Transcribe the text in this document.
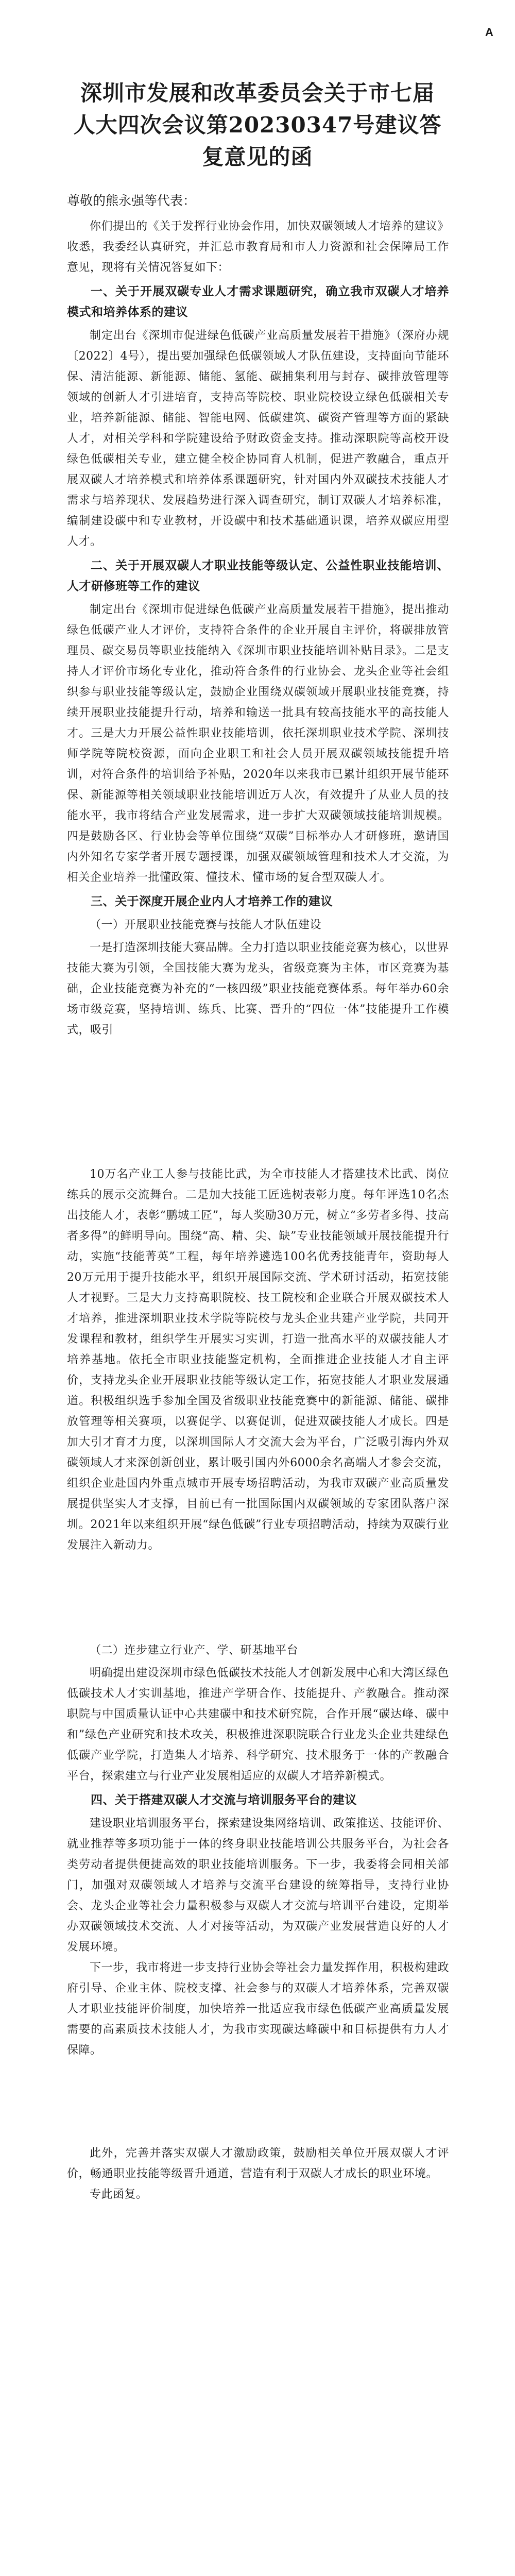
A
深圳市发展和改革委员会关于市七届人大四次会议第20230347号建议答复意见的函
尊敬的熊永强等代表：

你们提出的《关于发挥行业协会作用，加快双碳领域人才培养的建议》收悉，我委经认真研究，并汇总市教育局和市人力资源和社会保障局工作意见，现将有关情况答复如下：

一、关于开展双碳专业人才需求课题研究，确立我市双碳人才培养模式和培养体系的建议

制定出台《深圳市促进绿色低碳产业高质量发展若干措施》（深府办规〔2022〕4号），提出要加强绿色低碳领域人才队伍建设，支持面向节能环保、清洁能源、新能源、储能、氢能、碳捕集利用与封存、碳排放管理等领域的创新人才引进培育，支持高等院校、职业院校设立绿色低碳相关专业，培养新能源、储能、智能电网、低碳建筑、碳资产管理等方面的紧缺人才，对相关学科和学院建设给予财政资金支持。推动深职院等高校开设绿色低碳相关专业，建立健全校企协同育人机制，促进产教融合，重点开展双碳人才培养模式和培养体系课题研究，针对国内外双碳技术技能人才需求与培养现状、发展趋势进行深入调查研究，制订双碳人才培养标准，编制建设碳中和专业教材，开设碳中和技术基础通识课，培养双碳应用型人才。

二、关于开展双碳人才职业技能等级认定、公益性职业技能培训、人才研修班等工作的建议

制定出台《深圳市促进绿色低碳产业高质量发展若干措施》，提出推动绿色低碳产业人才评价，支持符合条件的企业开展自主评价，将碳排放管理员、碳交易员等职业技能纳入《深圳市职业技能培训补贴目录》。二是支持人才评价市场化专业化，推动符合条件的行业协会、龙头企业等社会组织参与职业技能等级认定，鼓励企业围绕双碳领域开展职业技能竞赛，持续开展职业技能提升行动，培养和输送一批具有较高技能水平的高技能人才。三是大力开展公益性职业技能培训，依托深圳职业技术学院、深圳技师学院等院校资源，面向企业职工和社会人员开展双碳领域技能提升培训，对符合条件的培训给予补贴，2020年以来我市已累计组织开展节能环保、新能源等相关领域职业技能培训近万人次，有效提升了从业人员的技能水平，我市将结合产业发展需求，进一步扩大双碳领域技能培训规模。四是鼓励各区、行业协会等单位围绕“双碳”目标举办人才研修班，邀请国内外知名专家学者开展专题授课，加强双碳领域管理和技术人才交流，为相关企业培养一批懂政策、懂技术、懂市场的复合型双碳人才。

三、关于深度开展企业内人才培养工作的建议
（一）开展职业技能竞赛与技能人才队伍建设

一是打造深圳技能大赛品牌。全力打造以职业技能竞赛为核心，以世界技能大赛为引领，全国技能大赛为龙头，省级竞赛为主体，市区竞赛为基础，企业技能竞赛为补充的“一核四级”职业技能竞赛体系。每年举办60余场市级竞赛，坚持培训、练兵、比赛、晋升的“四位一体”技能提升工作模式，吸引

10万名产业工人参与技能比武，为全市技能人才搭建技术比武、岗位练兵的展示交流舞台。二是加大技能工匠选树表彰力度。每年评选10名杰出技能人才，表彰“鹏城工匠”，每人奖励30万元，树立“多劳者多得、技高者多得”的鲜明导向。围绕“高、精、尖、缺”专业技能领域开展技能提升行动，实施“技能菁英”工程，每年培养遴选100名优秀技能青年，资助每人20万元用于提升技能水平，组织开展国际交流、学术研讨活动，拓宽技能人才视野。三是大力支持高职院校、技工院校和企业联合开展双碳技术人才培养，推进深圳职业技术学院等院校与龙头企业共建产业学院，共同开发课程和教材，组织学生开展实习实训，打造一批高水平的双碳技能人才培养基地。依托全市职业技能鉴定机构，全面推进企业技能人才自主评价，支持龙头企业开展职业技能等级认定工作，拓宽技能人才职业发展通道。积极组织选手参加全国及省级职业技能竞赛中的新能源、储能、碳排放管理等相关赛项，以赛促学、以赛促训，促进双碳技能人才成长。四是加大引才育才力度，以深圳国际人才交流大会为平台，广泛吸引海内外双碳领域人才来深创新创业，累计吸引国内外6000余名高端人才参会交流，组织企业赴国内外重点城市开展专场招聘活动，为我市双碳产业高质量发展提供坚实人才支撑，目前已有一批国际国内双碳领域的专家团队落户深圳。2021年以来组织开展“绿色低碳”行业专项招聘活动，持续为双碳行业发展注入新动力。

（二）连步建立行业产、学、研基地平台

明确提出建设深圳市绿色低碳技术技能人才创新发展中心和大湾区绿色低碳技术人才实训基地，推进产学研合作、技能提升、产教融合。推动深职院与中国质量认证中心共建碳中和技术研究院，合作开展“碳达峰、碳中和”绿色产业研究和技术攻关，积极推进深职院联合行业龙头企业共建绿色低碳产业学院，打造集人才培养、科学研究、技术服务于一体的产教融合平台，探索建立与行业产业发展相适应的双碳人才培养新模式。

四、关于搭建双碳人才交流与培训服务平台的建议

建设职业培训服务平台，探索建设集网络培训、政策推送、技能评价、就业推荐等多项功能于一体的终身职业技能培训公共服务平台，为社会各类劳动者提供便捷高效的职业技能培训服务。下一步，我委将会同相关部门，加强对双碳领域人才培养与交流平台建设的统筹指导，支持行业协会、龙头企业等社会力量积极参与双碳人才交流与培训平台建设，定期举办双碳领域技术交流、人才对接等活动，为双碳产业发展营造良好的人才发展环境。

下一步，我市将进一步支持行业协会等社会力量发挥作用，积极构建政府引导、企业主体、院校支撑、社会参与的双碳人才培养体系，完善双碳人才职业技能评价制度，加快培养一批适应我市绿色低碳产业高质量发展需要的高素质技术技能人才，为我市实现碳达峰碳中和目标提供有力人才保障。

此外，完善并落实双碳人才激励政策，鼓励相关单位开展双碳人才评价，畅通职业技能等级晋升通道，营造有利于双碳人才成长的职业环境。

专此函复。
